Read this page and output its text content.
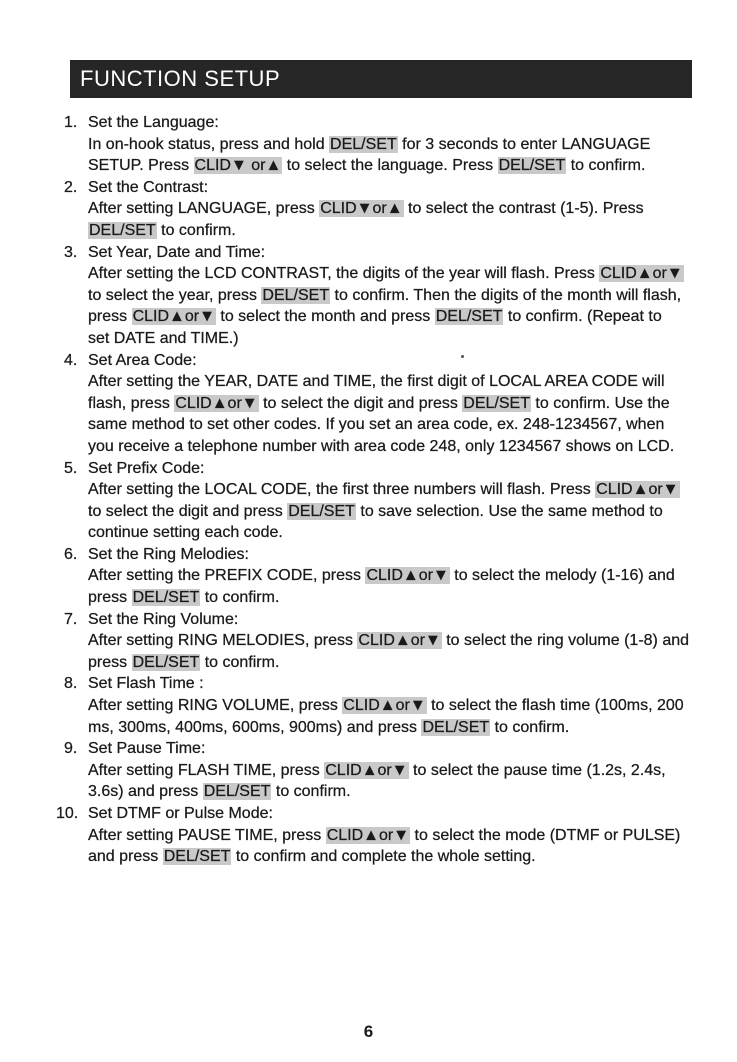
FUNCTION SETUP
1. Set the Language:
In on-hook status, press and hold DEL/SET for 3 seconds to enter LANGUAGE
SETUP. Press CLID▼ or▲ to select the language. Press DEL/SET to confirm.
2. Set the Contrast:
After setting LANGUAGE, press CLID▼or▲ to select the contrast (1-5). Press
DEL/SET to confirm.
3. Set Year, Date and Time:
After setting the LCD CONTRAST, the digits of the year will flash. Press CLID▲or▼
to select the year, press DEL/SET to confirm. Then the digits of the month will flash,
press CLID▲or▼ to select the month and press DEL/SET to confirm. (Repeat to
set DATE and TIME.)
4. Set Area Code:
After setting the YEAR, DATE and TIME, the first digit of LOCAL AREA CODE will
flash, press CLID▲or▼ to select the digit and press DEL/SET to confirm. Use the
same method to set other codes. If you set an area code, ex. 248-1234567, when
you receive a telephone number with area code 248, only 1234567 shows on LCD.
5. Set Prefix Code:
After setting the LOCAL CODE, the first three numbers will flash. Press CLID▲or▼
to select the digit and press DEL/SET to save selection. Use the same method to
continue setting each code.
6. Set the Ring Melodies:
After setting the PREFIX CODE, press CLID▲or▼ to select the melody (1-16) and
press DEL/SET to confirm.
7. Set the Ring Volume:
After setting RING MELODIES, press CLID▲or▼ to select the ring volume (1-8) and
press DEL/SET to confirm.
8. Set Flash Time :
After setting RING VOLUME, press CLID▲or▼ to select the flash time (100ms, 200
ms, 300ms, 400ms, 600ms, 900ms) and press DEL/SET to confirm.
9. Set Pause Time:
After setting FLASH TIME, press CLID▲or▼ to select the pause time (1.2s, 2.4s,
3.6s) and press DEL/SET to confirm.
10. Set DTMF or Pulse Mode:
After setting PAUSE TIME, press CLID▲or▼ to select the mode (DTMF or PULSE)
and press DEL/SET to confirm and complete the whole setting.
6
